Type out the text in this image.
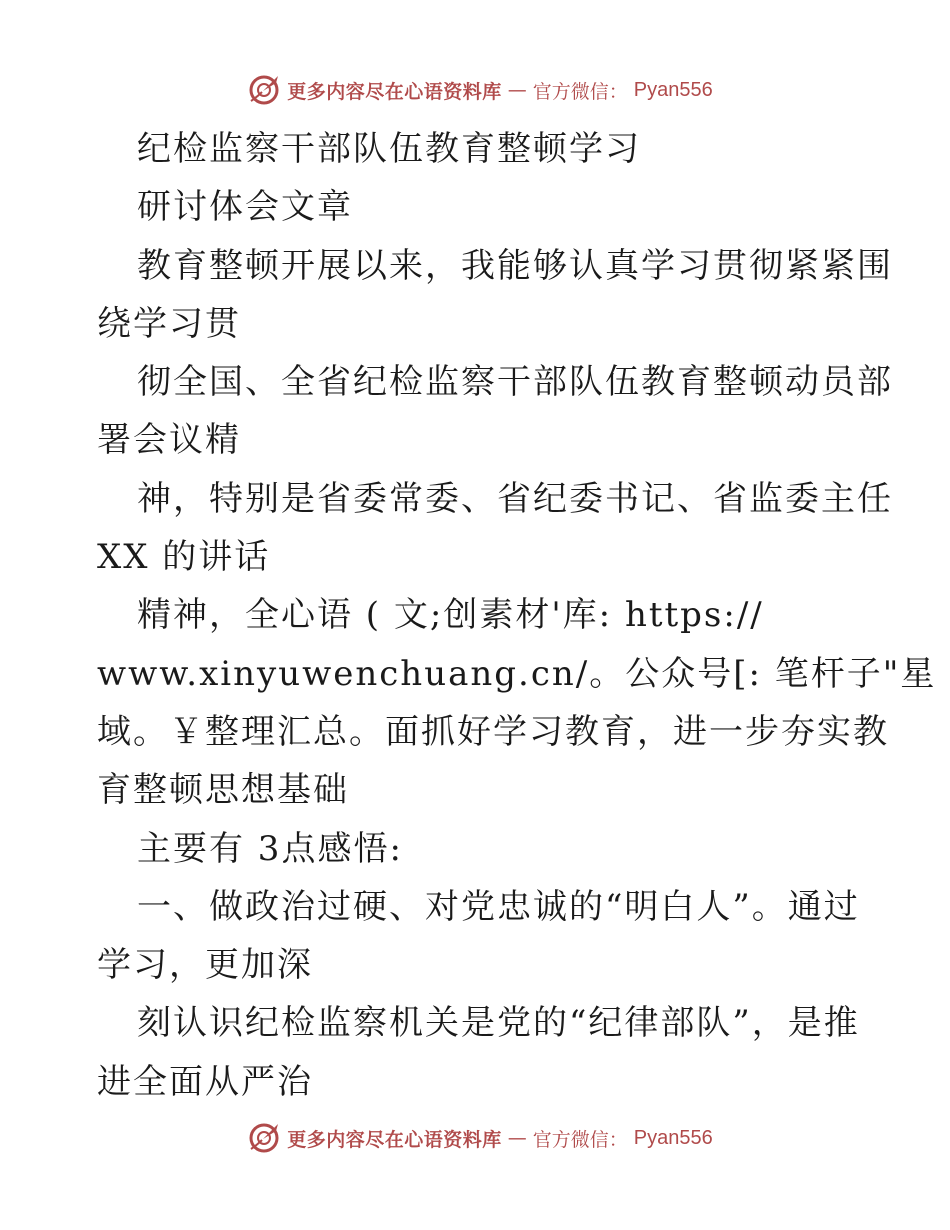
更多内容尽在心语资料库 — 官方微信： Pyan556
纪检监察干部队伍教育整顿学习
研讨体会文章
教育整顿开展以来，我能够认真学习贯彻紧紧围
绕学习贯
彻全国、全省纪检监察干部队伍教育整顿动员部
署会议精
神，特别是省委常委、省纪委书记、省监委主任
XX 的讲话
精神，全心语 ( 文;创素材'库: https://
www.xinyuwenchuang.cn/。公众号[: 笔杆子"星
域。￥整理汇总。面抓好学习教育，进一步夯实教
育整顿思想基础
主要有 3点感悟:
一、做政治过硬、对党忠诚的“明白人”。通过
学习，更加深
刻认识纪检监察机关是党的“纪律部队”，是推
进全面从严治
更多内容尽在心语资料库 — 官方微信： Pyan556
